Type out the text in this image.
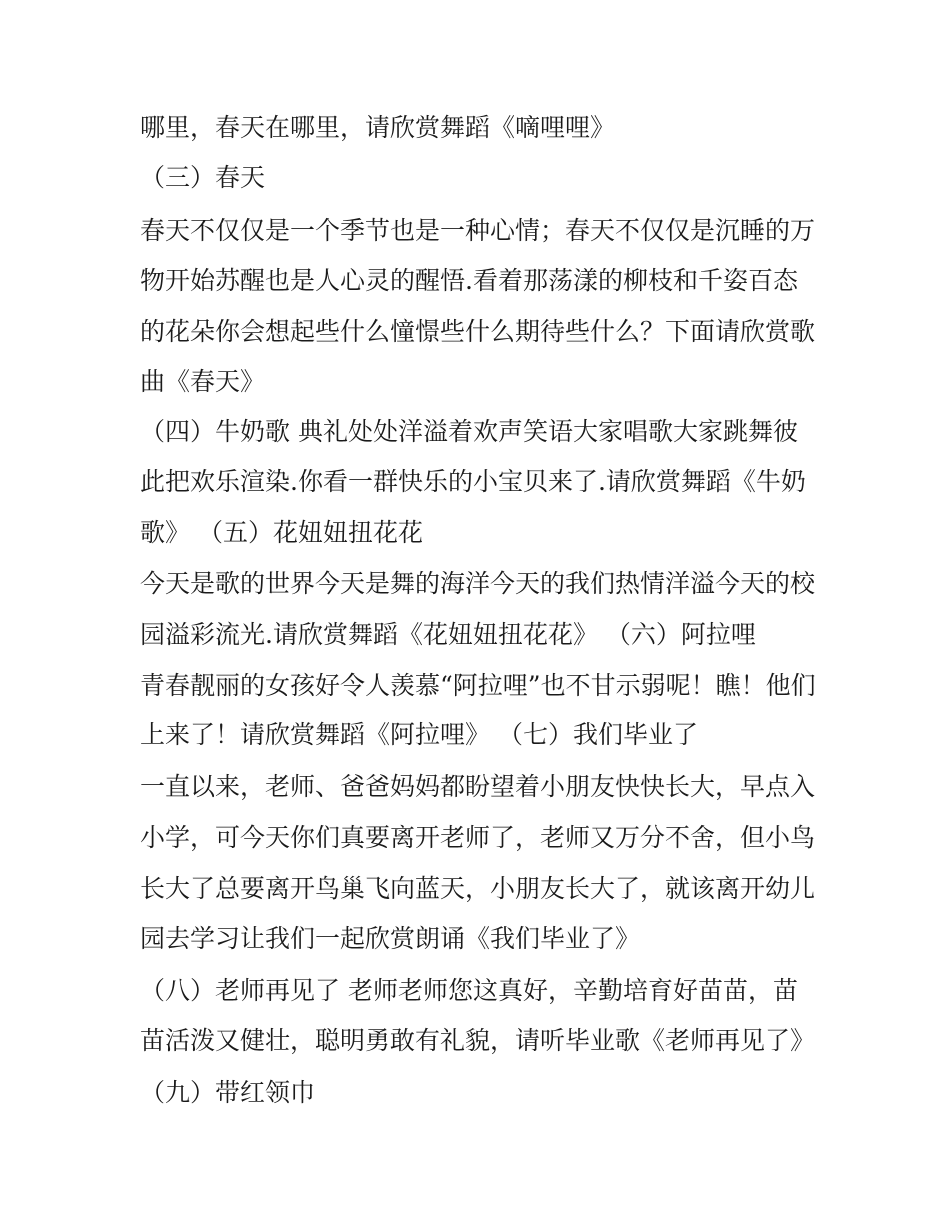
哪里，春天在哪里，请欣赏舞蹈《嘀哩哩》
（三）春天
春天不仅仅是一个季节也是一种心情；春天不仅仅是沉睡的万
物开始苏醒也是人心灵的醒悟.看着那荡漾的柳枝和千姿百态
的花朵你会想起些什么憧憬些什么期待些什么？下面请欣赏歌
曲《春天》
（四）牛奶歌 典礼处处洋溢着欢声笑语大家唱歌大家跳舞彼
此把欢乐渲染.你看一群快乐的小宝贝来了.请欣赏舞蹈《牛奶
歌》 （五）花妞妞扭花花
今天是歌的世界今天是舞的海洋今天的我们热情洋溢今天的校
园溢彩流光.请欣赏舞蹈《花妞妞扭花花》 （六）阿拉哩
青春靓丽的女孩好令人羡慕“阿拉哩”也不甘示弱呢！瞧！他们
上来了！请欣赏舞蹈《阿拉哩》 （七）我们毕业了
一直以来，老师、爸爸妈妈都盼望着小朋友快快长大，早点入
小学，可今天你们真要离开老师了，老师又万分不舍，但小鸟
长大了总要离开鸟巢飞向蓝天，小朋友长大了，就该离开幼儿
园去学习让我们一起欣赏朗诵《我们毕业了》
（八）老师再见了 老师老师您这真好，辛勤培育好苗苗，苗
苗活泼又健壮，聪明勇敢有礼貌，请听毕业歌《老师再见了》
（九）带红领巾
